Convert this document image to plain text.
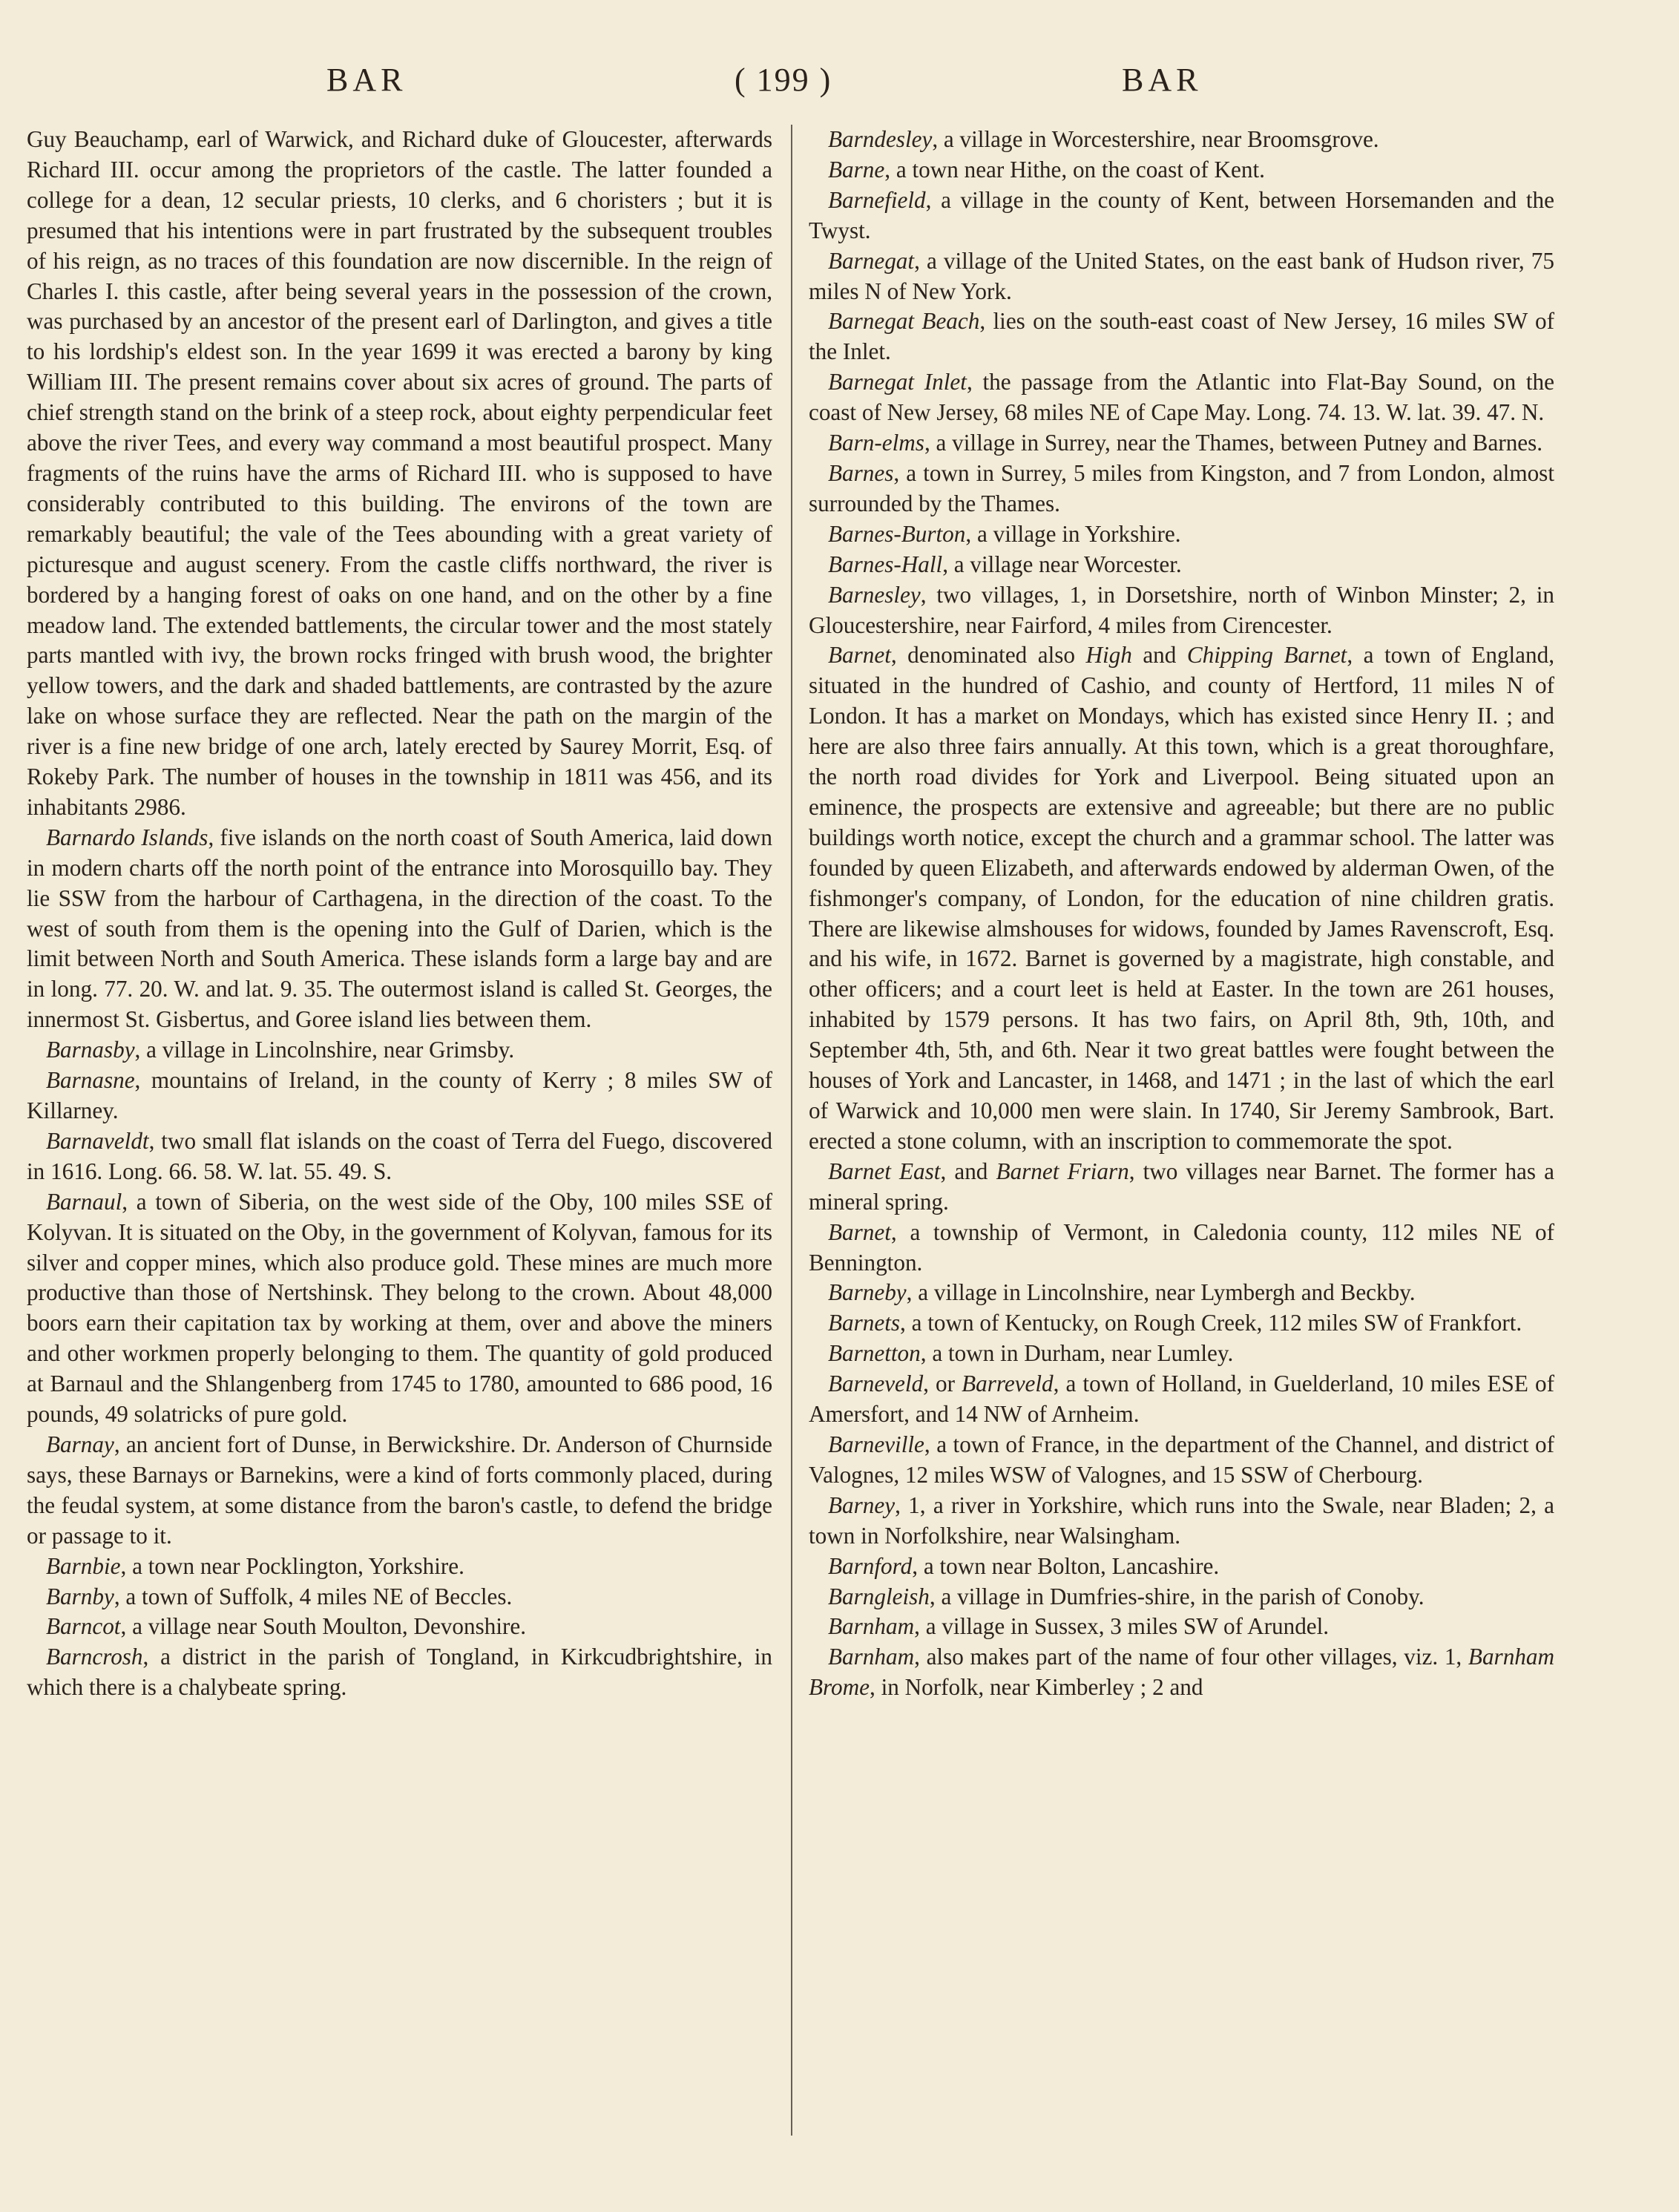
BAR	( 199 )	BAR

Guy Beauchamp, earl of Warwick, and Richard duke of Gloucester, afterwards Richard III. occur among the proprietors of the castle. The latter founded a college for a dean, 12 secular priests, 10 clerks, and 6 choristers ; but it is presumed that his intentions were in part frustrated by the subsequent troubles of his reign, as no traces of this foundation are now discernible. In the reign of Charles I. this castle, after being several years in the possession of the crown, was purchased by an ancestor of the present earl of Darlington, and gives a title to his lordship's eldest son. In the year 1699 it was erected a barony by king William III. The present remains cover about six acres of ground. The parts of chief strength stand on the brink of a steep rock, about eighty perpendicular feet above the river Tees, and every way command a most beautiful prospect. Many fragments of the ruins have the arms of Richard III. who is supposed to have considerably contributed to this building. The environs of the town are remarkably beautiful; the vale of the Tees abounding with a great variety of picturesque and august scenery. From the castle cliffs northward, the river is bordered by a hanging forest of oaks on one hand, and on the other by a fine meadow land. The extended battlements, the circular tower and the most stately parts mantled with ivy, the brown rocks fringed with brush wood, the brighter yellow towers, and the dark and shaded battlements, are contrasted by the azure lake on whose surface they are reflected. Near the path on the margin of the river is a fine new bridge of one arch, lately erected by Saurey Morrit, Esq. of Rokeby Park. The number of houses in the township in 1811 was 456, and its inhabitants 2986.

Barnardo Islands, five islands on the north coast of South America, laid down in modern charts off the north point of the entrance into Morosquillo bay. They lie SSW from the harbour of Carthagena, in the direction of the coast. To the west of south from them is the opening into the Gulf of Darien, which is the limit between North and South America. These islands form a large bay and are in long. 77. 20. W. and lat. 9. 35. The outermost island is called St. Georges, the innermost St. Gisbertus, and Goree island lies between them.

Barnasby, a village in Lincolnshire, near Grimsby.

Barnasne, mountains of Ireland, in the county of Kerry ; 8 miles SW of Killarney.

Barnaveldt, two small flat islands on the coast of Terra del Fuego, discovered in 1616. Long. 66. 58. W. lat. 55. 49. S.

Barnaul, a town of Siberia, on the west side of the Oby, 100 miles SSE of Kolyvan. It is situated on the Oby, in the government of Kolyvan, famous for its silver and copper mines, which also produce gold. These mines are much more productive than those of Nertshinsk. They belong to the crown. About 48,000 boors earn their capitation tax by working at them, over and above the miners and other workmen properly belonging to them. The quantity of gold produced at Barnaul and the Shlangenberg from 1745 to 1780, amounted to 686 pood, 16 pounds, 49 solatricks of pure gold.

Barnay, an ancient fort of Dunse, in Berwickshire. Dr. Anderson of Churnside says, these Barnays or Barnekins, were a kind of forts commonly placed, during the feudal system, at some distance from the baron's castle, to defend the bridge or passage to it.

Barnbie, a town near Pocklington, Yorkshire.

Barnby, a town of Suffolk, 4 miles NE of Beccles.

Barncot, a village near South Moulton, Devonshire.

Barncrosh, a district in the parish of Tongland, in Kirkcudbrightshire, in which there is a chalybeate spring.

Barndesley, a village in Worcestershire, near Broomsgrove.

Barne, a town near Hithe, on the coast of Kent.

Barnefield, a village in the county of Kent, between Horsemanden and the Twyst.

Barnegat, a village of the United States, on the east bank of Hudson river, 75 miles N of New York.

Barnegat Beach, lies on the south-east coast of New Jersey, 16 miles SW of the Inlet.

Barnegat Inlet, the passage from the Atlantic into Flat-Bay Sound, on the coast of New Jersey, 68 miles NE of Cape May. Long. 74. 13. W. lat. 39. 47. N.

Barn-elms, a village in Surrey, near the Thames, between Putney and Barnes.

Barnes, a town in Surrey, 5 miles from Kingston, and 7 from London, almost surrounded by the Thames.

Barnes-Burton, a village in Yorkshire.

Barnes-Hall, a village near Worcester.

Barnesley, two villages, 1, in Dorsetshire, north of Winbon Minster; 2, in Gloucestershire, near Fairford, 4 miles from Cirencester.

Barnet, denominated also High and Chipping Barnet, a town of England, situated in the hundred of Cashio, and county of Hertford, 11 miles N of London. It has a market on Mondays, which has existed since Henry II. ; and here are also three fairs annually. At this town, which is a great thoroughfare, the north road divides for York and Liverpool. Being situated upon an eminence, the prospects are extensive and agreeable; but there are no public buildings worth notice, except the church and a grammar school. The latter was founded by queen Elizabeth, and afterwards endowed by alderman Owen, of the fishmonger's company, of London, for the education of nine children gratis. There are likewise almshouses for widows, founded by James Ravenscroft, Esq. and his wife, in 1672. Barnet is governed by a magistrate, high constable, and other officers; and a court leet is held at Easter. In the town are 261 houses, inhabited by 1579 persons. It has two fairs, on April 8th, 9th, 10th, and September 4th, 5th, and 6th. Near it two great battles were fought between the houses of York and Lancaster, in 1468, and 1471 ; in the last of which the earl of Warwick and 10,000 men were slain. In 1740, Sir Jeremy Sambrook, Bart. erected a stone column, with an inscription to commemorate the spot.

Barnet East, and Barnet Friarn, two villages near Barnet. The former has a mineral spring.

Barnet, a township of Vermont, in Caledonia county, 112 miles NE of Bennington.

Barneby, a village in Lincolnshire, near Lymbergh and Beckby.

Barnets, a town of Kentucky, on Rough Creek, 112 miles SW of Frankfort.

Barnetton, a town in Durham, near Lumley.

Barneveld, or Barreveld, a town of Holland, in Guelderland, 10 miles ESE of Amersfort, and 14 NW of Arnheim.

Barneville, a town of France, in the department of the Channel, and district of Valognes, 12 miles WSW of Valognes, and 15 SSW of Cherbourg.

Barney, 1, a river in Yorkshire, which runs into the Swale, near Bladen; 2, a town in Norfolkshire, near Walsingham.

Barnford, a town near Bolton, Lancashire.

Barngleish, a village in Dumfries-shire, in the parish of Conoby.

Barnham, a village in Sussex, 3 miles SW of Arundel.

Barnham, also makes part of the name of four other villages, viz. 1, Barnham Brome, in Norfolk, near Kimberley ; 2 and
